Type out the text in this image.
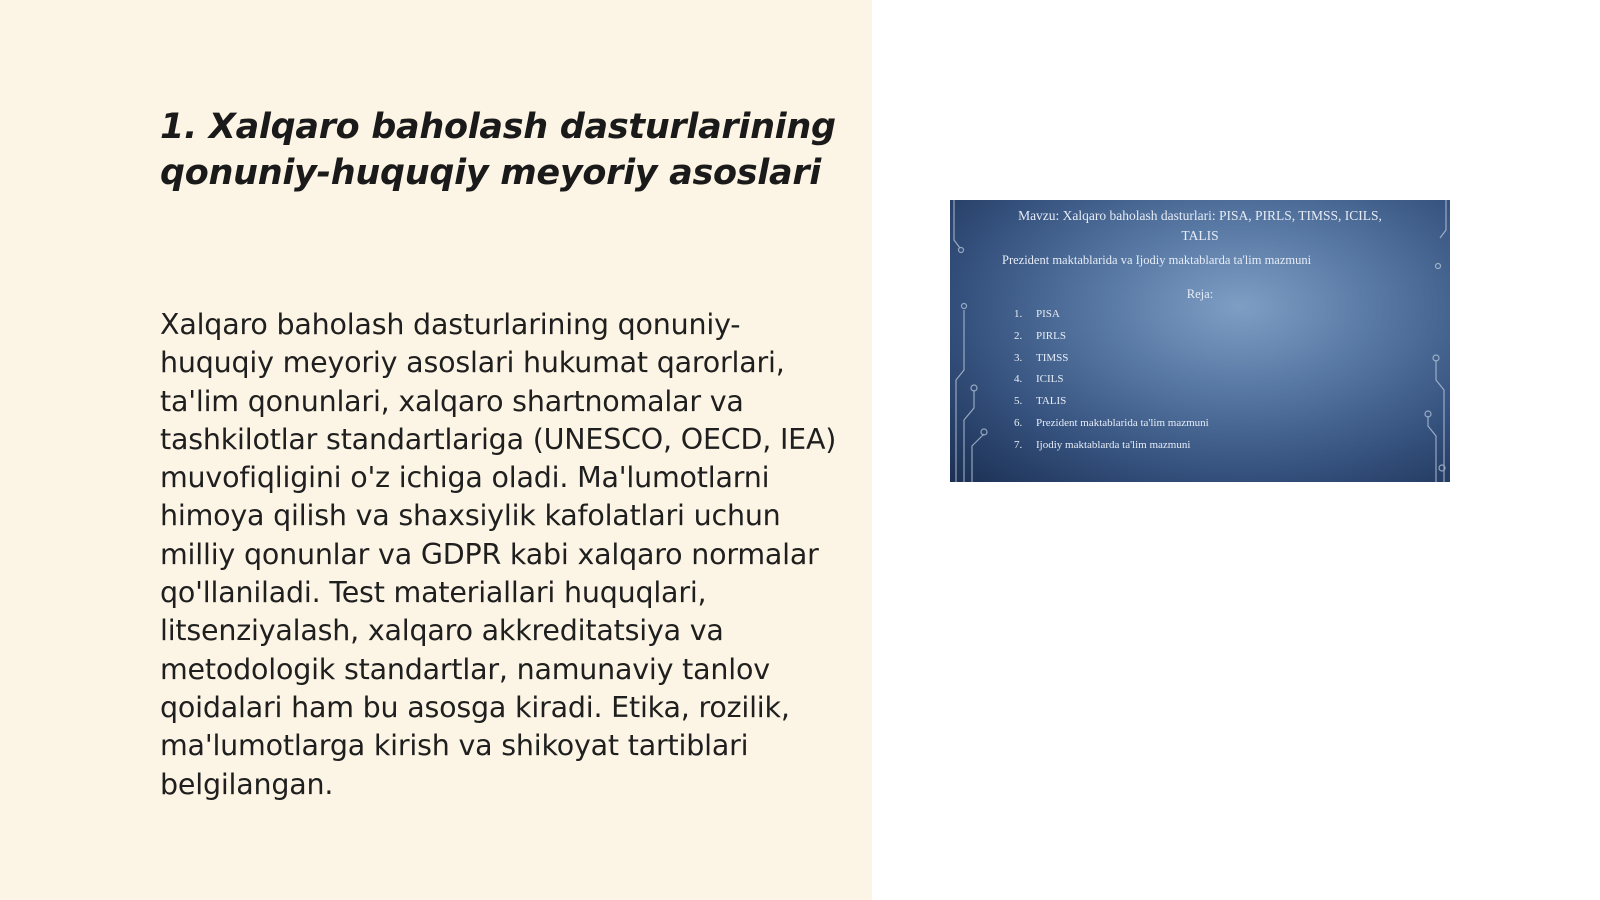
1. Xalqaro baholash dasturlarining qonuniy-huquqiy meyoriy asoslari

Xalqaro baholash dasturlarining qonuniy-huquqiy meyoriy asoslari hukumat qarorlari, ta'lim qonunlari, xalqaro shartnomalar va tashkilotlar standartlariga (UNESCO, OECD, IEA) muvofiqligini o'z ichiga oladi. Ma'lumotlarni himoya qilish va shaxsiylik kafolatlari uchun milliy qonunlar va GDPR kabi xalqaro normalar qo'llaniladi. Test materiallari huquqlari, litsenziyalash, xalqaro akkreditatsiya va metodologik standartlar, namunaviy tanlov qoidalari ham bu asosga kiradi. Etika, rozilik, ma'lumotlarga kirish va shikoyat tartiblari belgilangan.

Mavzu: Xalqaro baholash dasturlari: PISA, PIRLS, TIMSS, ICILS, TALIS
Prezident maktablarida va Ijodiy maktablarda ta'lim mazmuni
Reja:
1. PISA
2. PIRLS
3. TIMSS
4. ICILS
5. TALIS
6. Prezident maktablarida ta'lim mazmuni
7. Ijodiy maktablarda ta'lim mazmuni
